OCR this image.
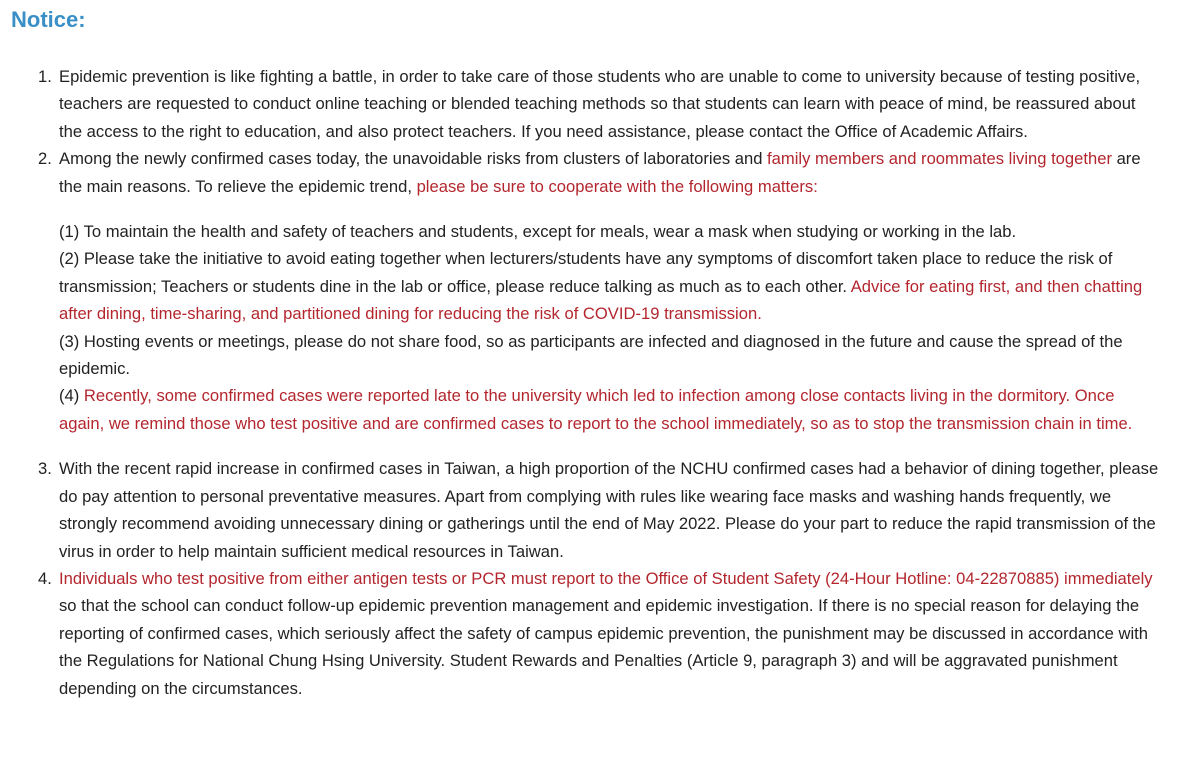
Notice:
1. Epidemic prevention is like fighting a battle, in order to take care of those students who are unable to come to university because of testing positive, teachers are requested to conduct online teaching or blended teaching methods so that students can learn with peace of mind, be reassured about the access to the right to education, and also protect teachers. If you need assistance, please contact the Office of Academic Affairs.
2. Among the newly confirmed cases today, the unavoidable risks from clusters of laboratories and family members and roommates living together are the main reasons. To relieve the epidemic trend, please be sure to cooperate with the following matters:
(1) To maintain the health and safety of teachers and students, except for meals, wear a mask when studying or working in the lab.
(2) Please take the initiative to avoid eating together when lecturers/students have any symptoms of discomfort taken place to reduce the risk of transmission; Teachers or students dine in the lab or office, please reduce talking as much as to each other. Advice for eating first, and then chatting after dining, time-sharing, and partitioned dining for reducing the risk of COVID-19 transmission.
(3) Hosting events or meetings, please do not share food, so as participants are infected and diagnosed in the future and cause the spread of the epidemic.
(4) Recently, some confirmed cases were reported late to the university which led to infection among close contacts living in the dormitory. Once again, we remind those who test positive and are confirmed cases to report to the school immediately, so as to stop the transmission chain in time.
3. With the recent rapid increase in confirmed cases in Taiwan, a high proportion of the NCHU confirmed cases had a behavior of dining together, please do pay attention to personal preventative measures. Apart from complying with rules like wearing face masks and washing hands frequently, we strongly recommend avoiding unnecessary dining or gatherings until the end of May 2022. Please do your part to reduce the rapid transmission of the virus in order to help maintain sufficient medical resources in Taiwan.
4. Individuals who test positive from either antigen tests or PCR must report to the Office of Student Safety (24-Hour Hotline: 04-22870885) immediately so that the school can conduct follow-up epidemic prevention management and epidemic investigation. If there is no special reason for delaying the reporting of confirmed cases, which seriously affect the safety of campus epidemic prevention, the punishment may be discussed in accordance with the Regulations for National Chung Hsing University. Student Rewards and Penalties (Article 9, paragraph 3) and will be aggravated punishment depending on the circumstances.
